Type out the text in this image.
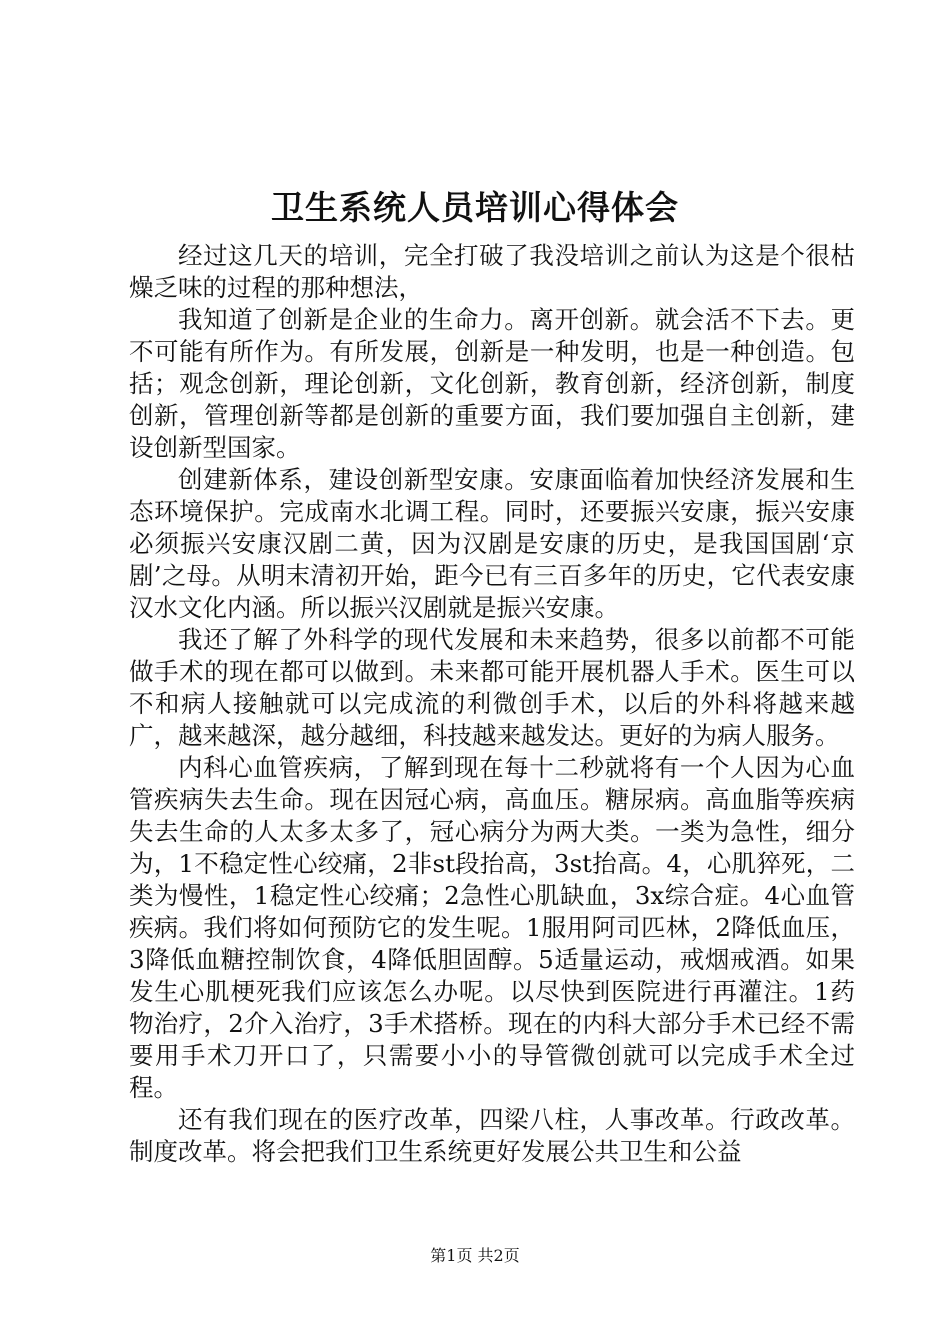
卫生系统人员培训心得体会

经过这几天的培训，完全打破了我没培训之前认为这是个很枯燥乏味的过程的那种想法，

我知道了创新是企业的生命力。离开创新。就会活不下去。更不可能有所作为。有所发展，创新是一种发明，也是一种创造。包括；观念创新，理论创新，文化创新，教育创新，经济创新，制度创新，管理创新等都是创新的重要方面，我们要加强自主创新，建设创新型国家。

创建新体系，建设创新型安康。安康面临着加快经济发展和生态环境保护。完成南水北调工程。同时，还要振兴安康，振兴安康必须振兴安康汉剧二黄，因为汉剧是安康的历史，是我国国剧‘京剧’之母。从明末清初开始，距今已有三百多年的历史，它代表安康汉水文化内涵。所以振兴汉剧就是振兴安康。

我还了解了外科学的现代发展和未来趋势，很多以前都不可能做手术的现在都可以做到。未来都可能开展机器人手术。医生可以不和病人接触就可以完成流的利微创手术，以后的外科将越来越广，越来越深，越分越细，科技越来越发达。更好的为病人服务。

内科心血管疾病，了解到现在每十二秒就将有一个人因为心血管疾病失去生命。现在因冠心病，高血压。糖尿病。高血脂等疾病失去生命的人太多太多了，冠心病分为两大类。一类为急性，细分为，1不稳定性心绞痛，2非st段抬高，3st抬高。4，心肌猝死，二类为慢性，1稳定性心绞痛；2急性心肌缺血，3x综合症。4心血管疾病。我们将如何预防它的发生呢。1服用阿司匹林，2降低血压，3降低血糖控制饮食，4降低胆固醇。5适量运动，戒烟戒酒。如果发生心肌梗死我们应该怎么办呢。以尽快到医院进行再灌注。1药物治疗，2介入治疗，3手术搭桥。现在的内科大部分手术已经不需要用手术刀开口了，只需要小小的导管微创就可以完成手术全过程。

还有我们现在的医疗改革，四梁八柱，人事改革。行政改革。制度改革。将会把我们卫生系统更好发展公共卫生和公益

第1页 共2页
